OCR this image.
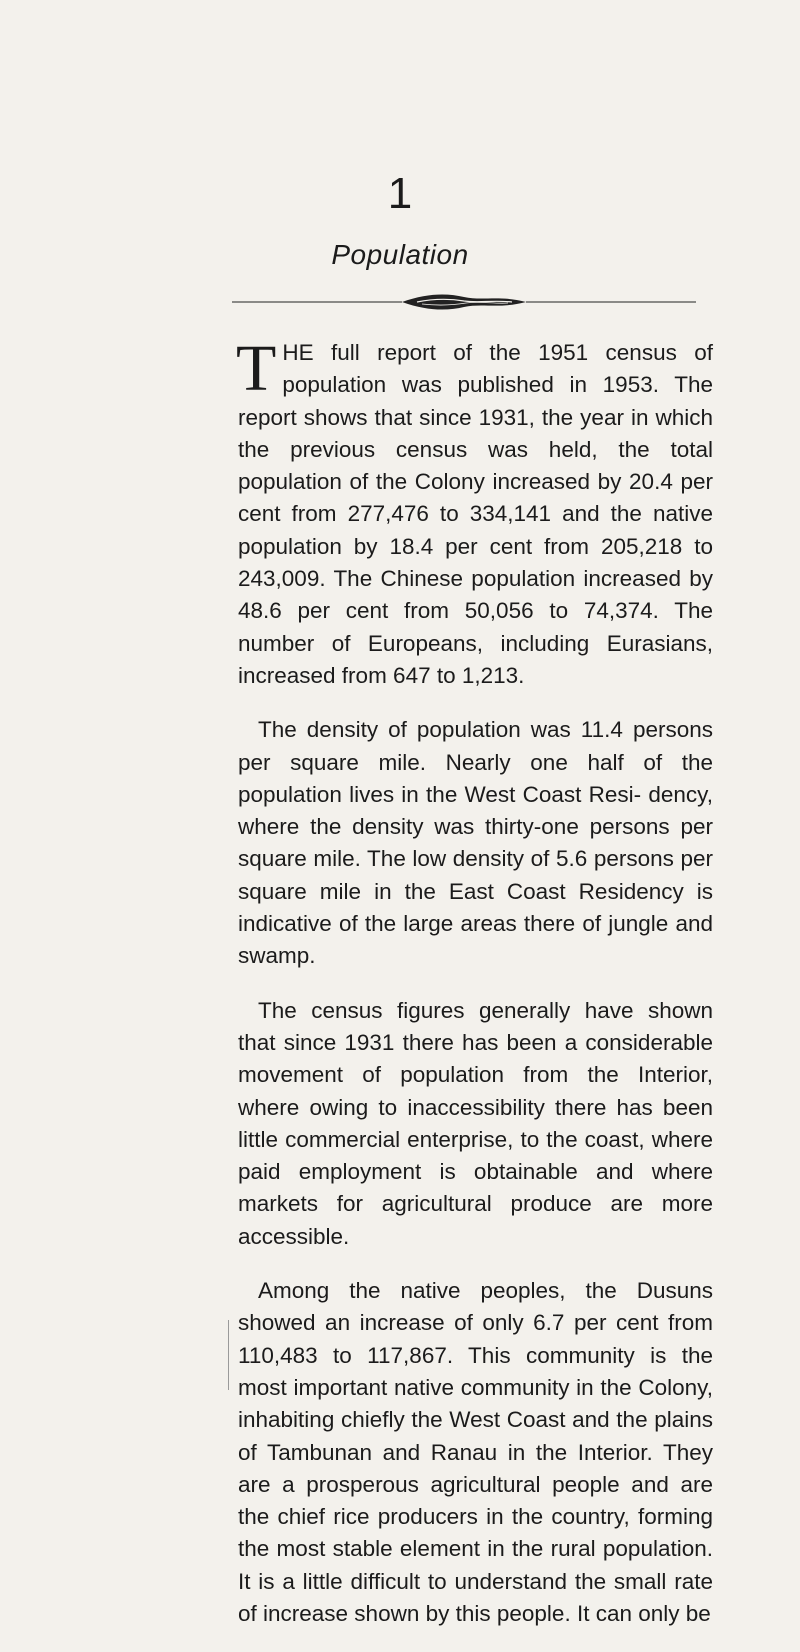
1
Population

THE full report of the 1951 census of population was published in 1953. The report shows that since 1931, the year in which the previous census was held, the total population of the Colony increased by 20.4 per cent from 277,476 to 334,141 and the native population by 18.4 per cent from 205,218 to 243,009. The Chinese population increased by 48.6 per cent from 50,056 to 74,374. The number of Europeans, including Eurasians, increased from 647 to 1,213.

The density of population was 11.4 persons per square mile. Nearly one half of the population lives in the West Coast Resi- dency, where the density was thirty-one persons per square mile. The low density of 5.6 persons per square mile in the East Coast Residency is indicative of the large areas there of jungle and swamp.

The census figures generally have shown that since 1931 there has been a considerable movement of population from the Interior, where owing to inaccessibility there has been little commercial enterprise, to the coast, where paid employment is obtainable and where markets for agricultural produce are more accessible.

Among the native peoples, the Dusuns showed an increase of only 6.7 per cent from 110,483 to 117,867. This community is the most important native community in the Colony, inhabiting chiefly the West Coast and the plains of Tambunan and Ranau in the Interior. They are a prosperous agricultural people and are the chief rice producers in the country, forming the most stable element in the rural population. It is a little difficult to understand the small rate of increase shown by this people. It can only be
